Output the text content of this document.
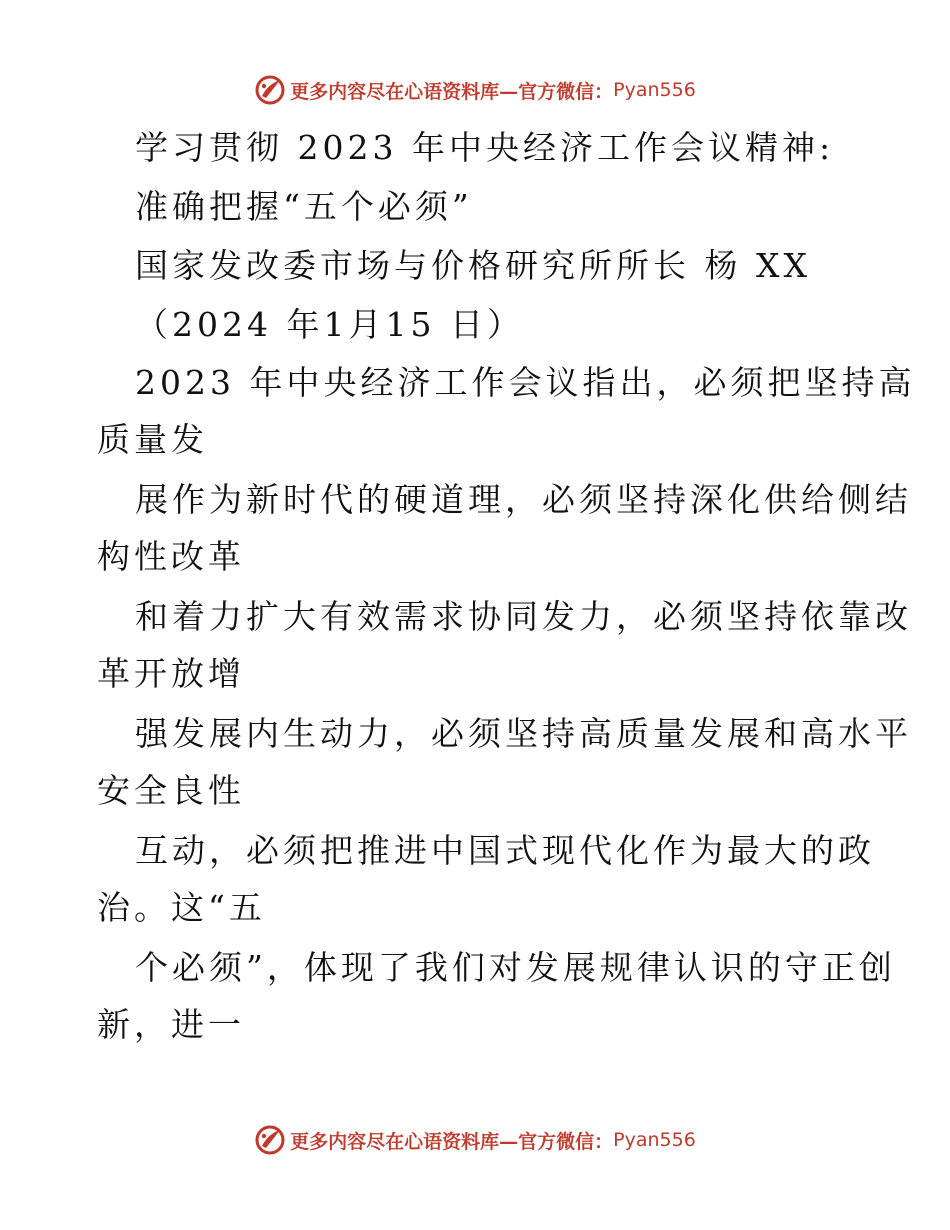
更多内容尽在心语资料库—官方微信： Pyan556
学习贯彻 2023 年中央经济工作会议精神:
准确把握“五个必须”
国家发改委市场与价格研究所所长 杨 XX
（2024 年1月15 日）
2023 年中央经济工作会议指出，必须把坚持高
质量发
展作为新时代的硬道理，必须坚持深化供给侧结
构性改革
和着力扩大有效需求协同发力，必须坚持依靠改
革开放增
强发展内生动力，必须坚持高质量发展和高水平
安全良性
互动，必须把推进中国式现代化作为最大的政
治。这“五
个必须”，体现了我们对发展规律认识的守正创
新，进一
更多内容尽在心语资料库—官方微信： Pyan556
